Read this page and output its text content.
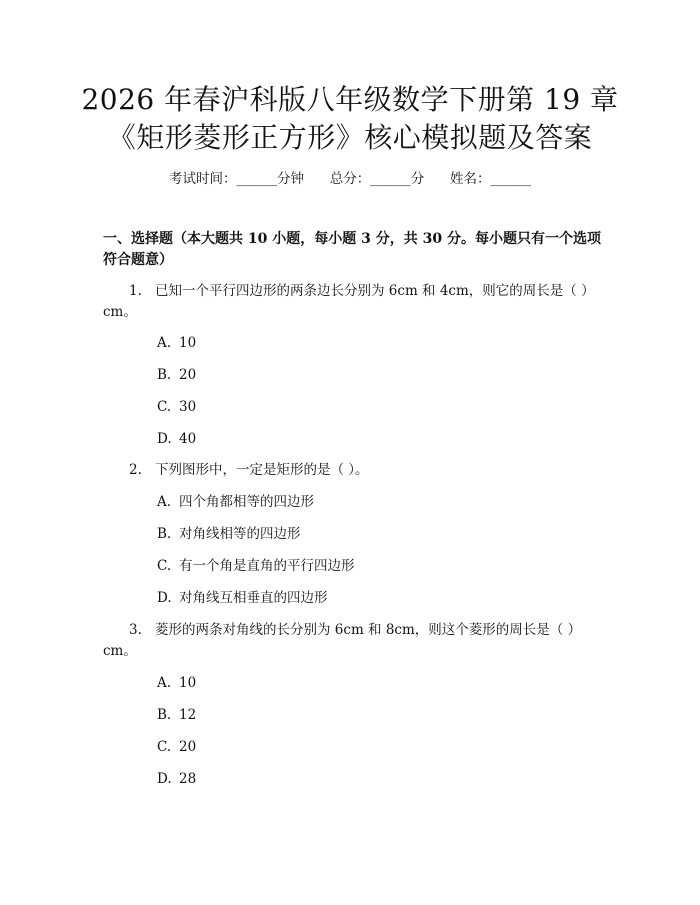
2026 年春沪科版八年级数学下册第 19 章
《矩形菱形正方形》核心模拟题及答案
考试时间：______分钟      总分：______分      姓名：______
一、选择题（本大题共 10 小题，每小题 3 分，共 30 分。每小题只有一个选项符合题意）
1. 已知一个平行四边形的两条边长分别为 6cm 和 4cm，则它的周长是（ ）cm。
A. 10
B. 20
C. 30
D. 40
2. 下列图形中，一定是矩形的是（ ）。
A. 四个角都相等的四边形
B. 对角线相等的四边形
C. 有一个角是直角的平行四边形
D. 对角线互相垂直的四边形
3. 菱形的两条对角线的长分别为 6cm 和 8cm，则这个菱形的周长是（ ）cm。
A. 10
B. 12
C. 20
D. 28
